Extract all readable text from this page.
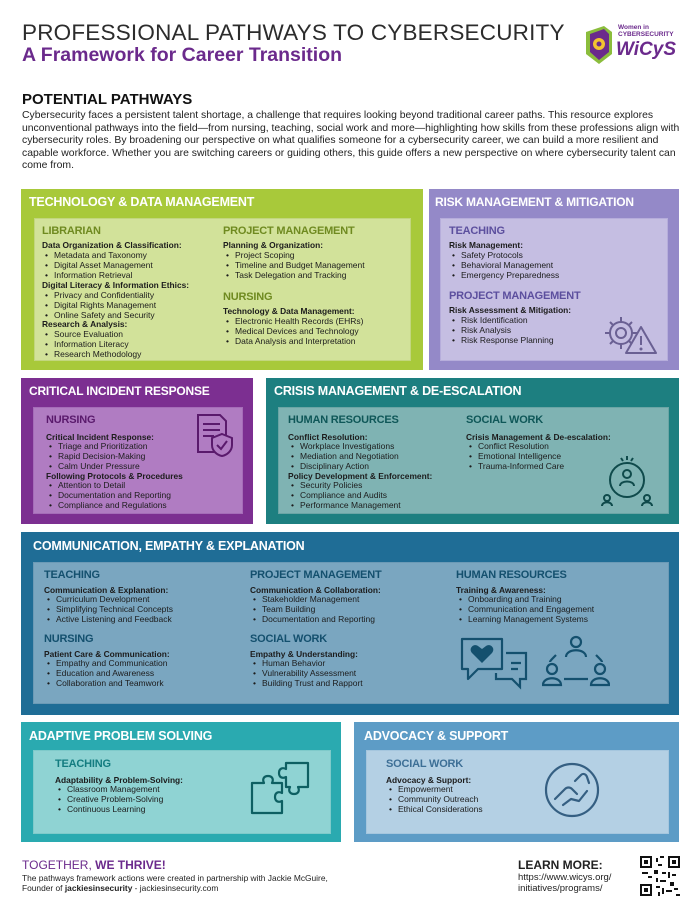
PROFESSIONAL PATHWAYS TO CYBERSECURITY
A Framework for Career Transition
Women in CYBERSECURITY
WiCyS
POTENTIAL PATHWAYS
Cybersecurity faces a persistent talent shortage, a challenge that requires looking beyond traditional career paths. This resource explores unconventional pathways into the field—from nursing, teaching, social work and more—highlighting how skills from these professions align with cybersecurity roles. By broadening our perspective on what qualifies someone for a cybersecurity career, we can build a more resilient and capable workforce. Whether you are switching careers or guiding others, this guide offers a new perspective on where cybersecurity talent can come from.
TECHNOLOGY & DATA MANAGEMENT
LIBRARIAN
Data Organization & Classification:
• Metadata and Taxonomy
• Digital Asset Management
• Information Retrieval
Digital Literacy & Information Ethics:
• Privacy and Confidentiality
• Digital Rights Management
• Online Safety and Security
Research & Analysis:
• Source Evaluation
• Information Literacy
• Research Methodology
PROJECT MANAGEMENT
Planning & Organization:
• Project Scoping
• Timeline and Budget Management
• Task Delegation and Tracking
NURSING
Technology & Data Management:
• Electronic Health Records (EHRs)
• Medical Devices and Technology
• Data Analysis and Interpretation
RISK MANAGEMENT & MITIGATION
TEACHING
Risk Management:
• Safety Protocols
• Behavioral Management
• Emergency Preparedness
PROJECT MANAGEMENT
Risk Assessment & Mitigation:
• Risk Identification
• Risk Analysis
• Risk Response Planning
CRITICAL INCIDENT RESPONSE
NURSING
Critical Incident Response:
• Triage and Prioritization
• Rapid Decision-Making
• Calm Under Pressure
Following Protocols & Procedures
• Attention to Detail
• Documentation and Reporting
• Compliance and Regulations
CRISIS MANAGEMENT & DE-ESCALATION
HUMAN RESOURCES
Conflict Resolution:
• Workplace Investigations
• Mediation and Negotiation
• Disciplinary Action
Policy Development & Enforcement:
• Security Policies
• Compliance and Audits
• Performance Management
SOCIAL WORK
Crisis Management & De-escalation:
• Conflict Resolution
• Emotional Intelligence
• Trauma-Informed Care
COMMUNICATION, EMPATHY & EXPLANATION
TEACHING
Communication & Explanation:
• Curriculum Development
• Simplifying Technical Concepts
• Active Listening and Feedback
NURSING
Patient Care & Communication:
• Empathy and Communication
• Education and Awareness
• Collaboration and Teamwork
PROJECT MANAGEMENT
Communication & Collaboration:
• Stakeholder Management
• Team Building
• Documentation and Reporting
SOCIAL WORK
Empathy & Understanding:
• Human Behavior
• Vulnerability Assessment
• Building Trust and Rapport
HUMAN RESOURCES
Training & Awareness:
• Onboarding and Training
• Communication and Engagement
• Learning Management Systems
ADAPTIVE PROBLEM SOLVING
TEACHING
Adaptability & Problem-Solving:
• Classroom Management
• Creative Problem-Solving
• Continuous Learning
ADVOCACY & SUPPORT
SOCIAL WORK
Advocacy & Support:
• Empowerment
• Community Outreach
• Ethical Considerations
TOGETHER, WE THRIVE!
The pathways framework actions were created in partnership with Jackie McGuire, Founder of jackiesinsecurity - jackiesinsecurity.com
LEARN MORE:
https://www.wicys.org/ initiatives/programs/
